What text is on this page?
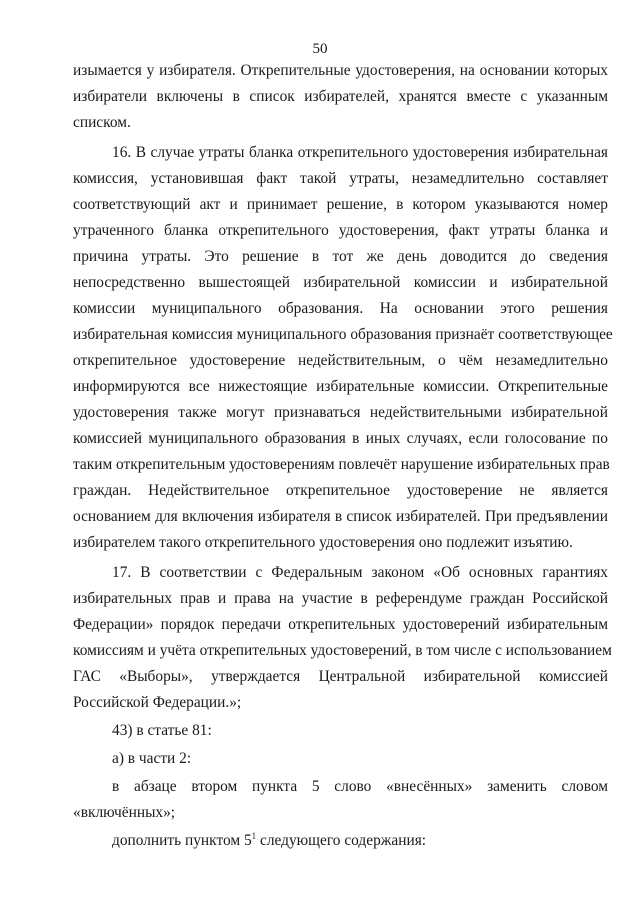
50
изымается у избирателя. Открепительные удостоверения, на основании которых
избиратели включены в список избирателей, хранятся вместе с указанным
списком.
16. В случае утраты бланка открепительного удостоверения избирательная
комиссия, установившая факт такой утраты, незамедлительно составляет
соответствующий акт и принимает решение, в котором указываются номер
утраченного бланка открепительного удостоверения, факт утраты бланка и
причина утраты. Это решение в тот же день доводится до сведения
непосредственно вышестоящей избирательной комиссии и избирательной
комиссии муниципального образования. На основании этого решения
избирательная комиссия муниципального образования признаёт соответствующее
открепительное удостоверение недействительным, о чём незамедлительно
информируются все нижестоящие избирательные комиссии. Открепительные
удостоверения также могут признаваться недействительными избирательной
комиссией муниципального образования в иных случаях, если голосование по
таким открепительным удостоверениям повлечёт нарушение избирательных прав
граждан. Недействительное открепительное удостоверение не является
основанием для включения избирателя в список избирателей. При предъявлении
избирателем такого открепительного удостоверения оно подлежит изъятию.
17. В соответствии с Федеральным законом «Об основных гарантиях
избирательных прав и права на участие в референдуме граждан Российской
Федерации» порядок передачи открепительных удостоверений избирательным
комиссиям и учёта открепительных удостоверений, в том числе с использованием
ГАС «Выборы», утверждается Центральной избирательной комиссией
Российской Федерации.»;
43) в статье 81:
а) в части 2:
в абзаце втором пункта 5 слово «внесённых» заменить словом
«включённых»;
дополнить пунктом $5^1$ следующего содержания:
